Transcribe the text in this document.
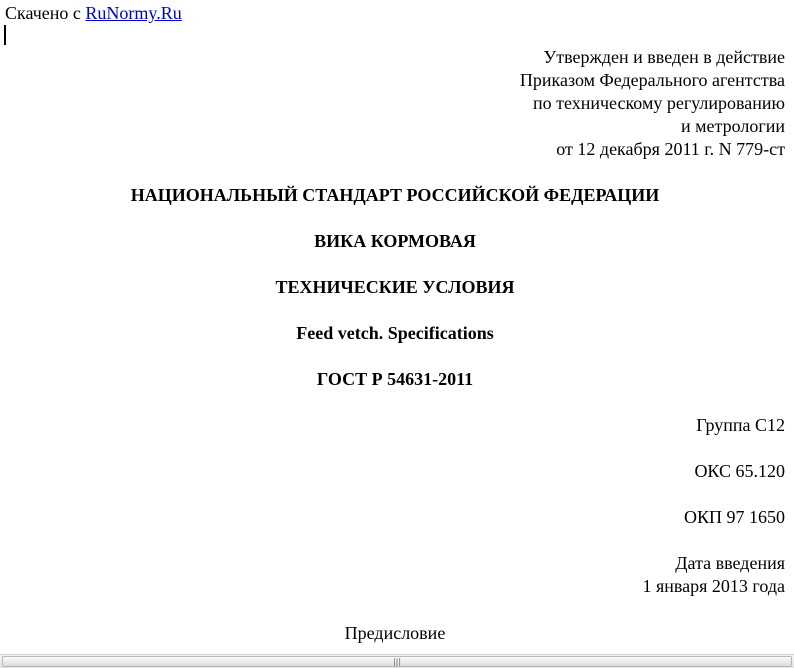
Скачено с RuNormy.Ru
Утвержден и введен в действие
Приказом Федерального агентства
по техническому регулированию
и метрологии
от 12 декабря 2011 г. N 779-ст
НАЦИОНАЛЬНЫЙ СТАНДАРТ РОССИЙСКОЙ ФЕДЕРАЦИИ
ВИКА КОРМОВАЯ
ТЕХНИЧЕСКИЕ УСЛОВИЯ
Feed vetch. Specifications
ГОСТ Р 54631-2011
Группа С12
ОКС 65.120
ОКП 97 1650
Дата введения
1 января 2013 года
Предисловие
|||
